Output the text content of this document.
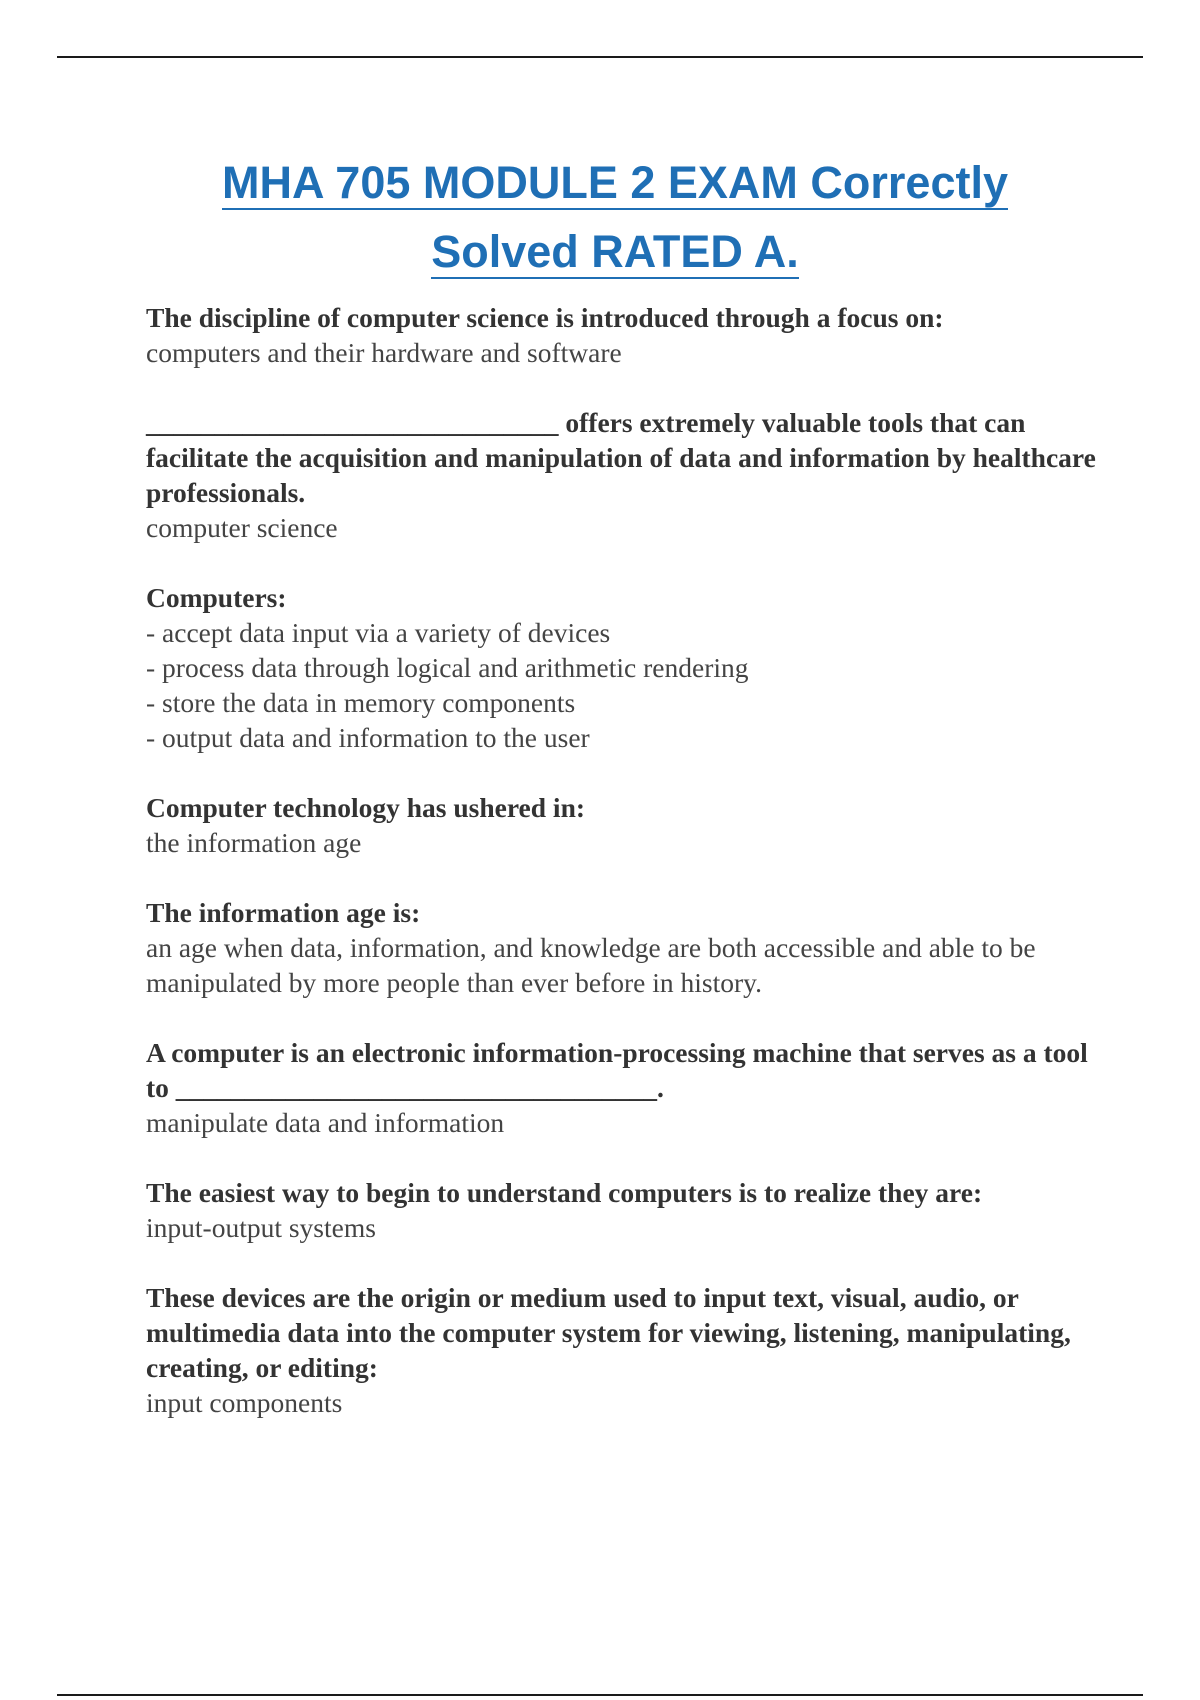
MHA 705 MODULE 2 EXAM Correctly
Solved RATED A.

The discipline of computer science is introduced through a focus on:

computers and their hardware and software

______________________________ offers extremely valuable tools that can facilitate the acquisition and manipulation of data and information by healthcare professionals.

computer science

Computers:

- accept data input via a variety of devices
- process data through logical and arithmetic rendering
- store the data in memory components
- output data and information to the user

Computer technology has ushered in:

the information age

The information age is:

an age when data, information, and knowledge are both accessible and able to be manipulated by more people than ever before in history.

A computer is an electronic information-processing machine that serves as a tool to ___________________________________.

manipulate data and information

The easiest way to begin to understand computers is to realize they are:

input-output systems

These devices are the origin or medium used to input text, visual, audio, or multimedia data into the computer system for viewing, listening, manipulating, creating, or editing:

input components
